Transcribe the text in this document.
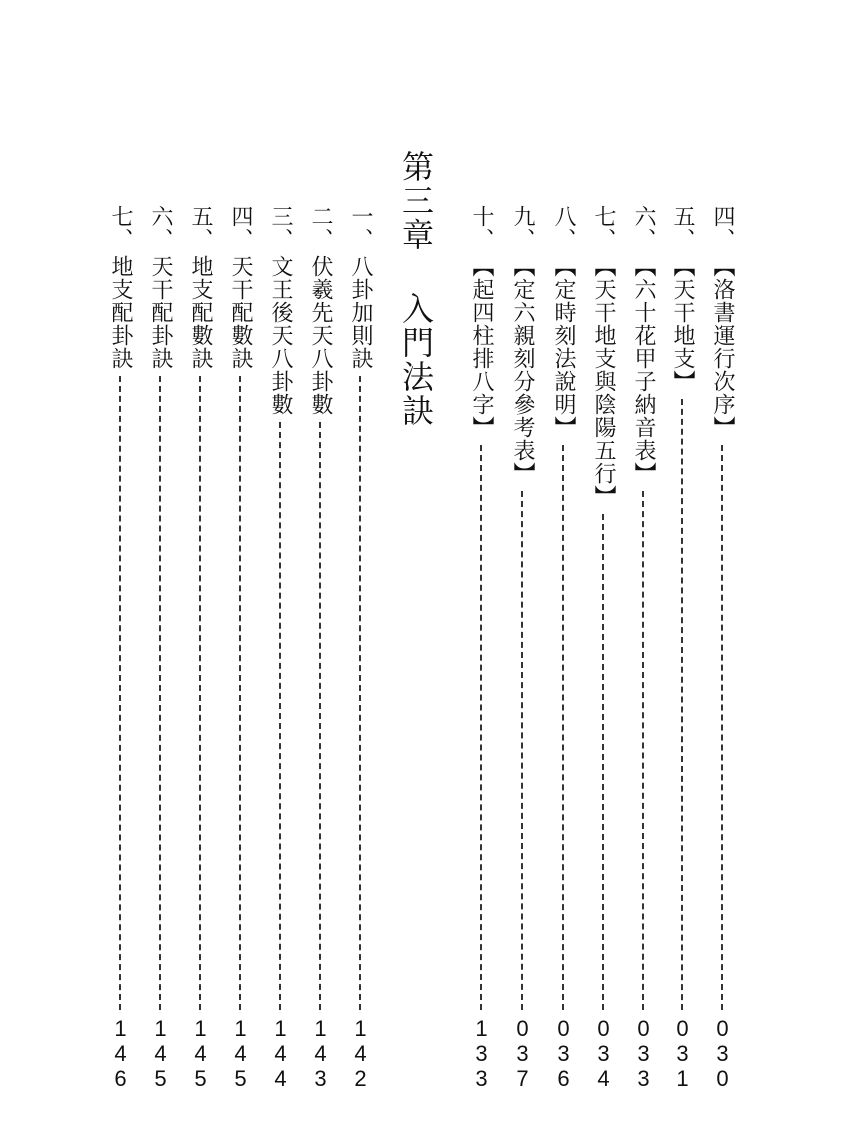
第三章入門法訣
四、
【洛書運行次序】
030
五、
【天干地支】
031
六、
【六十花甲子納音表】
033
七、
【天干地支與陰陽五行】
034
八、
【定時刻法說明】
036
九、
【定六親刻分參考表】
037
十、
【起四柱排八字】
133
一、
八卦加則訣
142
二、
伏羲先天八卦數
143
三、
文王後天八卦數
144
四、
天干配數訣
145
五、
地支配數訣
145
六、
天干配卦訣
145
七、
地支配卦訣
146
